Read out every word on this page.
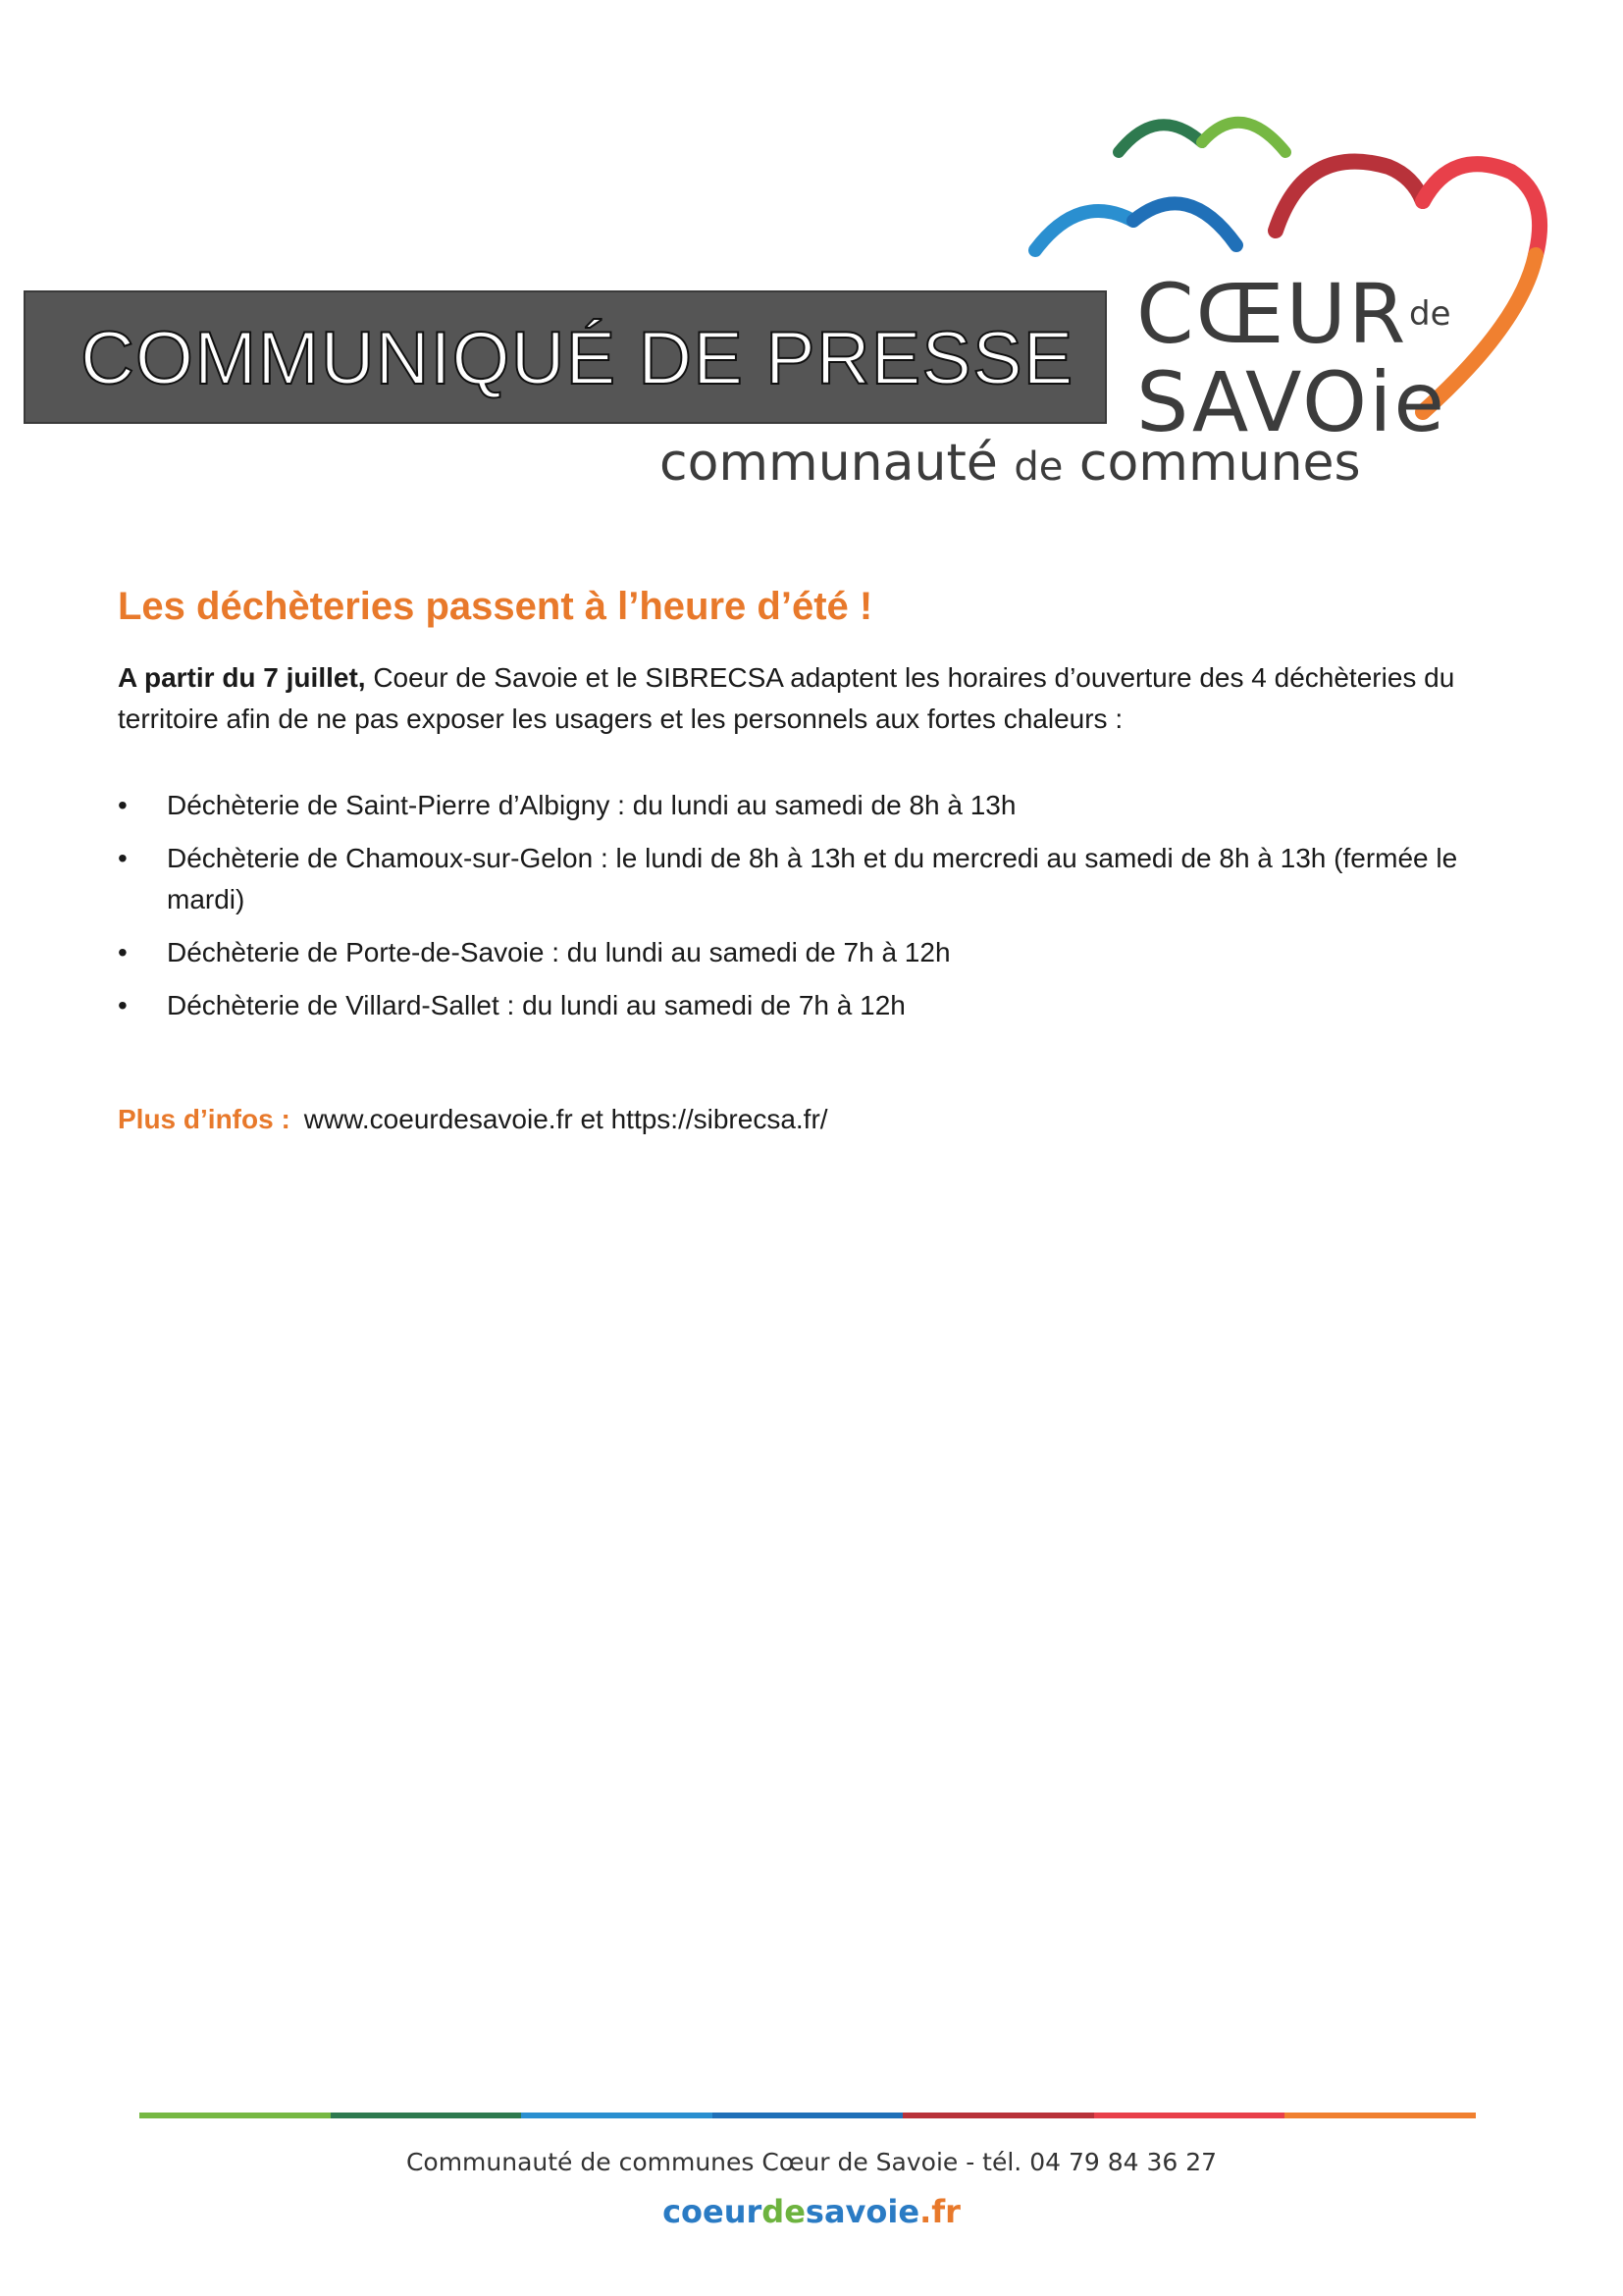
COMMUNIQUÉ DE PRESSE CŒUR de

SAVOie

communauté de communes

Les déchèteries passent à l’heure d’été !

A partir du 7 juillet, Coeur de Savoie et le SIBRECSA adaptent les horaires d’ouverture des 4 déchèteries du territoire afin de ne pas exposer les usagers et les personnels aux fortes chaleurs :

• Déchèterie de Saint-Pierre d’Albigny : du lundi au samedi de 8h à 13h
• Déchèterie de Chamoux-sur-Gelon : le lundi de 8h à 13h et du mercredi au samedi de 8h à 13h (fermée le mardi)
• Déchèterie de Porte-de-Savoie : du lundi au samedi de 7h à 12h
• Déchèterie de Villard-Sallet : du lundi au samedi de 7h à 12h

Plus d’infos : www.coeurdesavoie.fr et https://sibrecsa.fr/

Communauté de communes Cœur de Savoie - tél. 04 79 84 36 27

coeurdesavoie.fr
